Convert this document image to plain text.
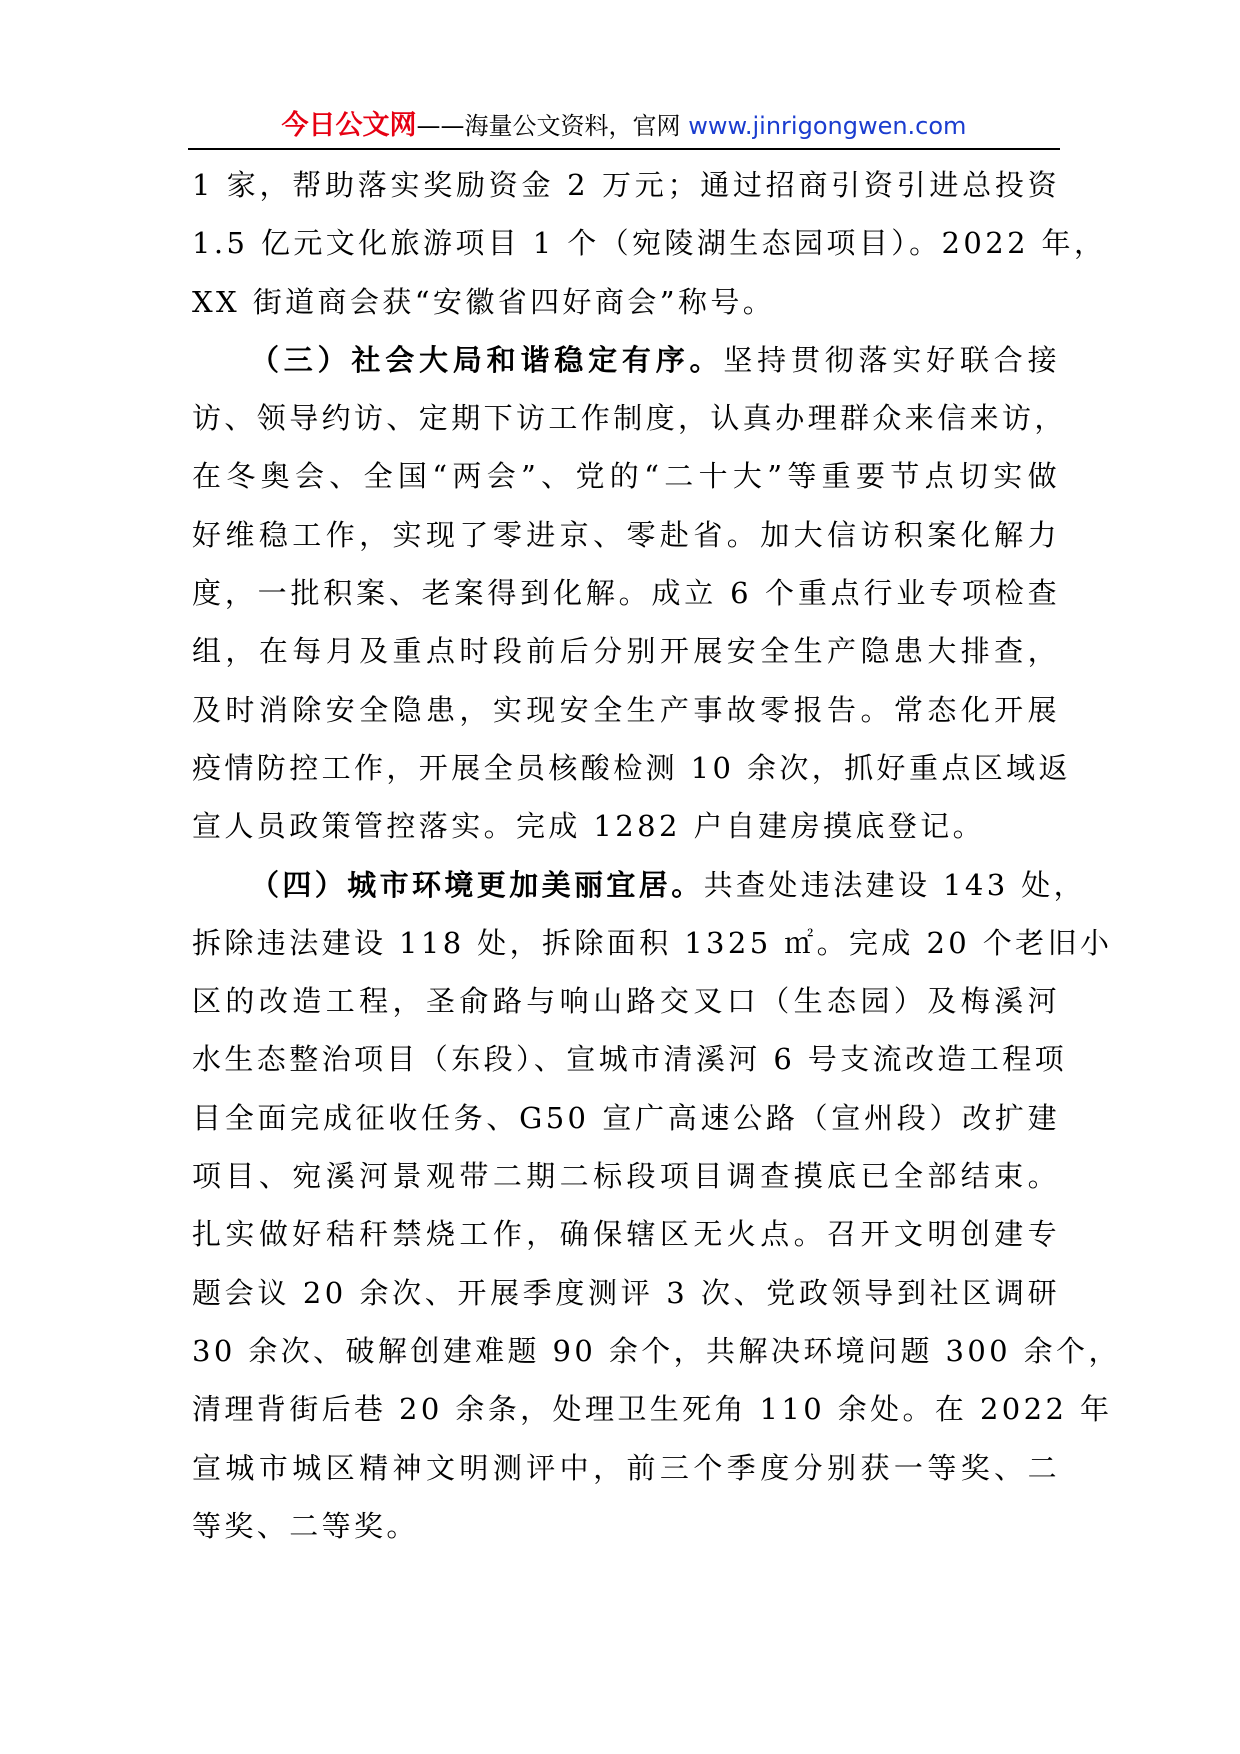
今日公文网——海量公文资料，官网 www.jinrigongwen.com
1 家，帮助落实奖励资金 2 万元；通过招商引资引进总投资
1.5 亿元文化旅游项目 1 个（宛陵湖生态园项目）。2022 年，
XX 街道商会获“安徽省四好商会”称号。
（三）社会大局和谐稳定有序。坚持贯彻落实好联合接
访、领导约访、定期下访工作制度，认真办理群众来信来访，
在冬奥会、全国“两会”、党的“二十大”等重要节点切实做
好维稳工作，实现了零进京、零赴省。加大信访积案化解力
度，一批积案、老案得到化解。成立 6 个重点行业专项检查
组，在每月及重点时段前后分别开展安全生产隐患大排查，
及时消除安全隐患，实现安全生产事故零报告。常态化开展
疫情防控工作，开展全员核酸检测 10 余次，抓好重点区域返
宣人员政策管控落实。完成 1282 户自建房摸底登记。
（四）城市环境更加美丽宜居。共查处违法建设 143 处，
拆除违法建设 118 处，拆除面积 1325 ㎡。完成 20 个老旧小
区的改造工程，圣俞路与响山路交叉口（生态园）及梅溪河
水生态整治项目（东段）、宣城市清溪河 6 号支流改造工程项
目全面完成征收任务、G50 宣广高速公路（宣州段）改扩建
项目、宛溪河景观带二期二标段项目调查摸底已全部结束。
扎实做好秸秆禁烧工作，确保辖区无火点。召开文明创建专
题会议 20 余次、开展季度测评 3 次、党政领导到社区调研
30 余次、破解创建难题 90 余个，共解决环境问题 300 余个，
清理背街后巷 20 余条，处理卫生死角 110 余处。在 2022 年
宣城市城区精神文明测评中，前三个季度分别获一等奖、二
等奖、二等奖。
